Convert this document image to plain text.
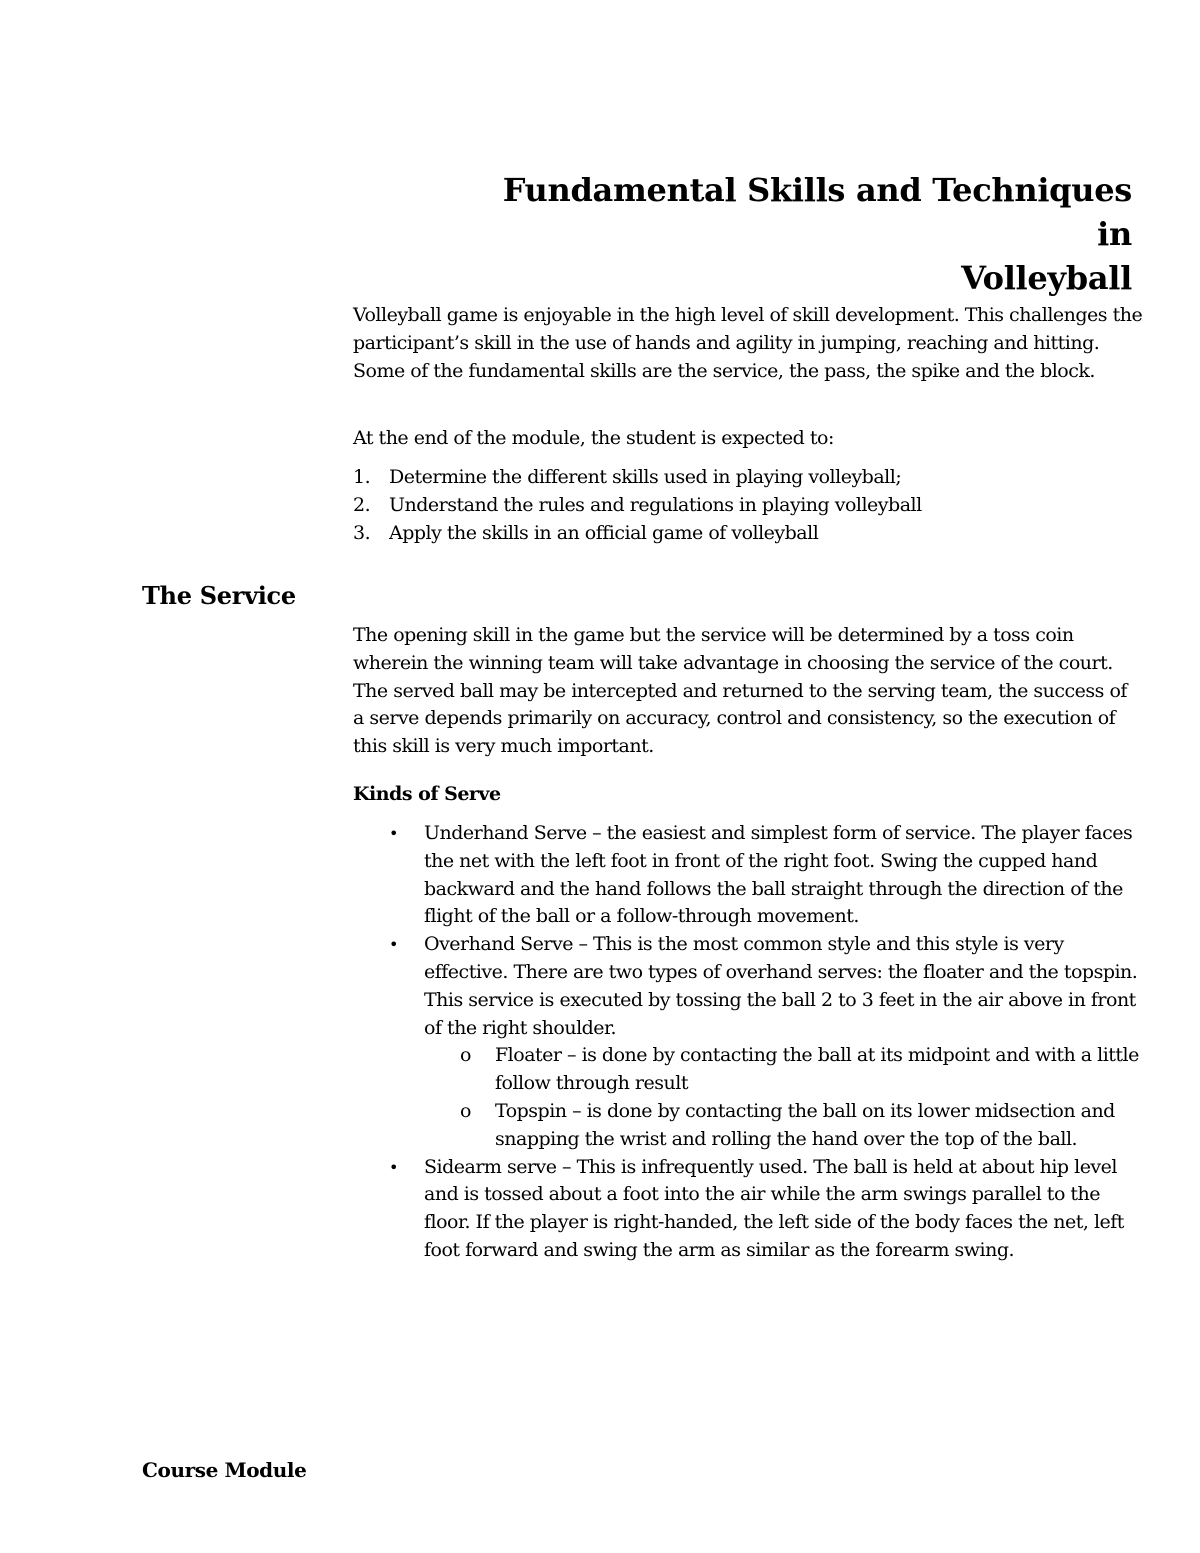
Fundamental Skills and Techniques in
Volleyball

Volleyball game is enjoyable in the high level of skill development. This challenges the participant’s skill in the use of hands and agility in jumping, reaching and hitting. Some of the fundamental skills are the service, the pass, the spike and the block.

At the end of the module, the student is expected to:

1. Determine the different skills used in playing volleyball;
2. Understand the rules and regulations in playing volleyball
3. Apply the skills in an official game of volleyball
The Service

The opening skill in the game but the service will be determined by a toss coin wherein the winning team will take advantage in choosing the service of the court. The served ball may be intercepted and returned to the serving team, the success of a serve depends primarily on accuracy, control and consistency, so the execution of this skill is very much important.

Kinds of Serve
• Underhand Serve – the easiest and simplest form of service. The player faces the net with the left foot in front of the right foot. Swing the cupped hand backward and the hand follows the ball straight through the direction of the flight of the ball or a follow-through movement.

• Overhand Serve – This is the most common style and this style is very effective. There are two types of overhand serves: the floater and the topspin. This service is executed by tossing the ball 2 to 3 feet in the air above in front of the right shoulder.

o Floater – is done by contacting the ball at its midpoint and with a little follow through result

o Topspin – is done by contacting the ball on its lower midsection and snapping the wrist and rolling the hand over the top of the ball.

• Sidearm serve – This is infrequently used. The ball is held at about hip level and is tossed about a foot into the air while the arm swings parallel to the floor. If the player is right-handed, the left side of the body faces the net, left foot forward and swing the arm as similar as the forearm swing.

Course Module
